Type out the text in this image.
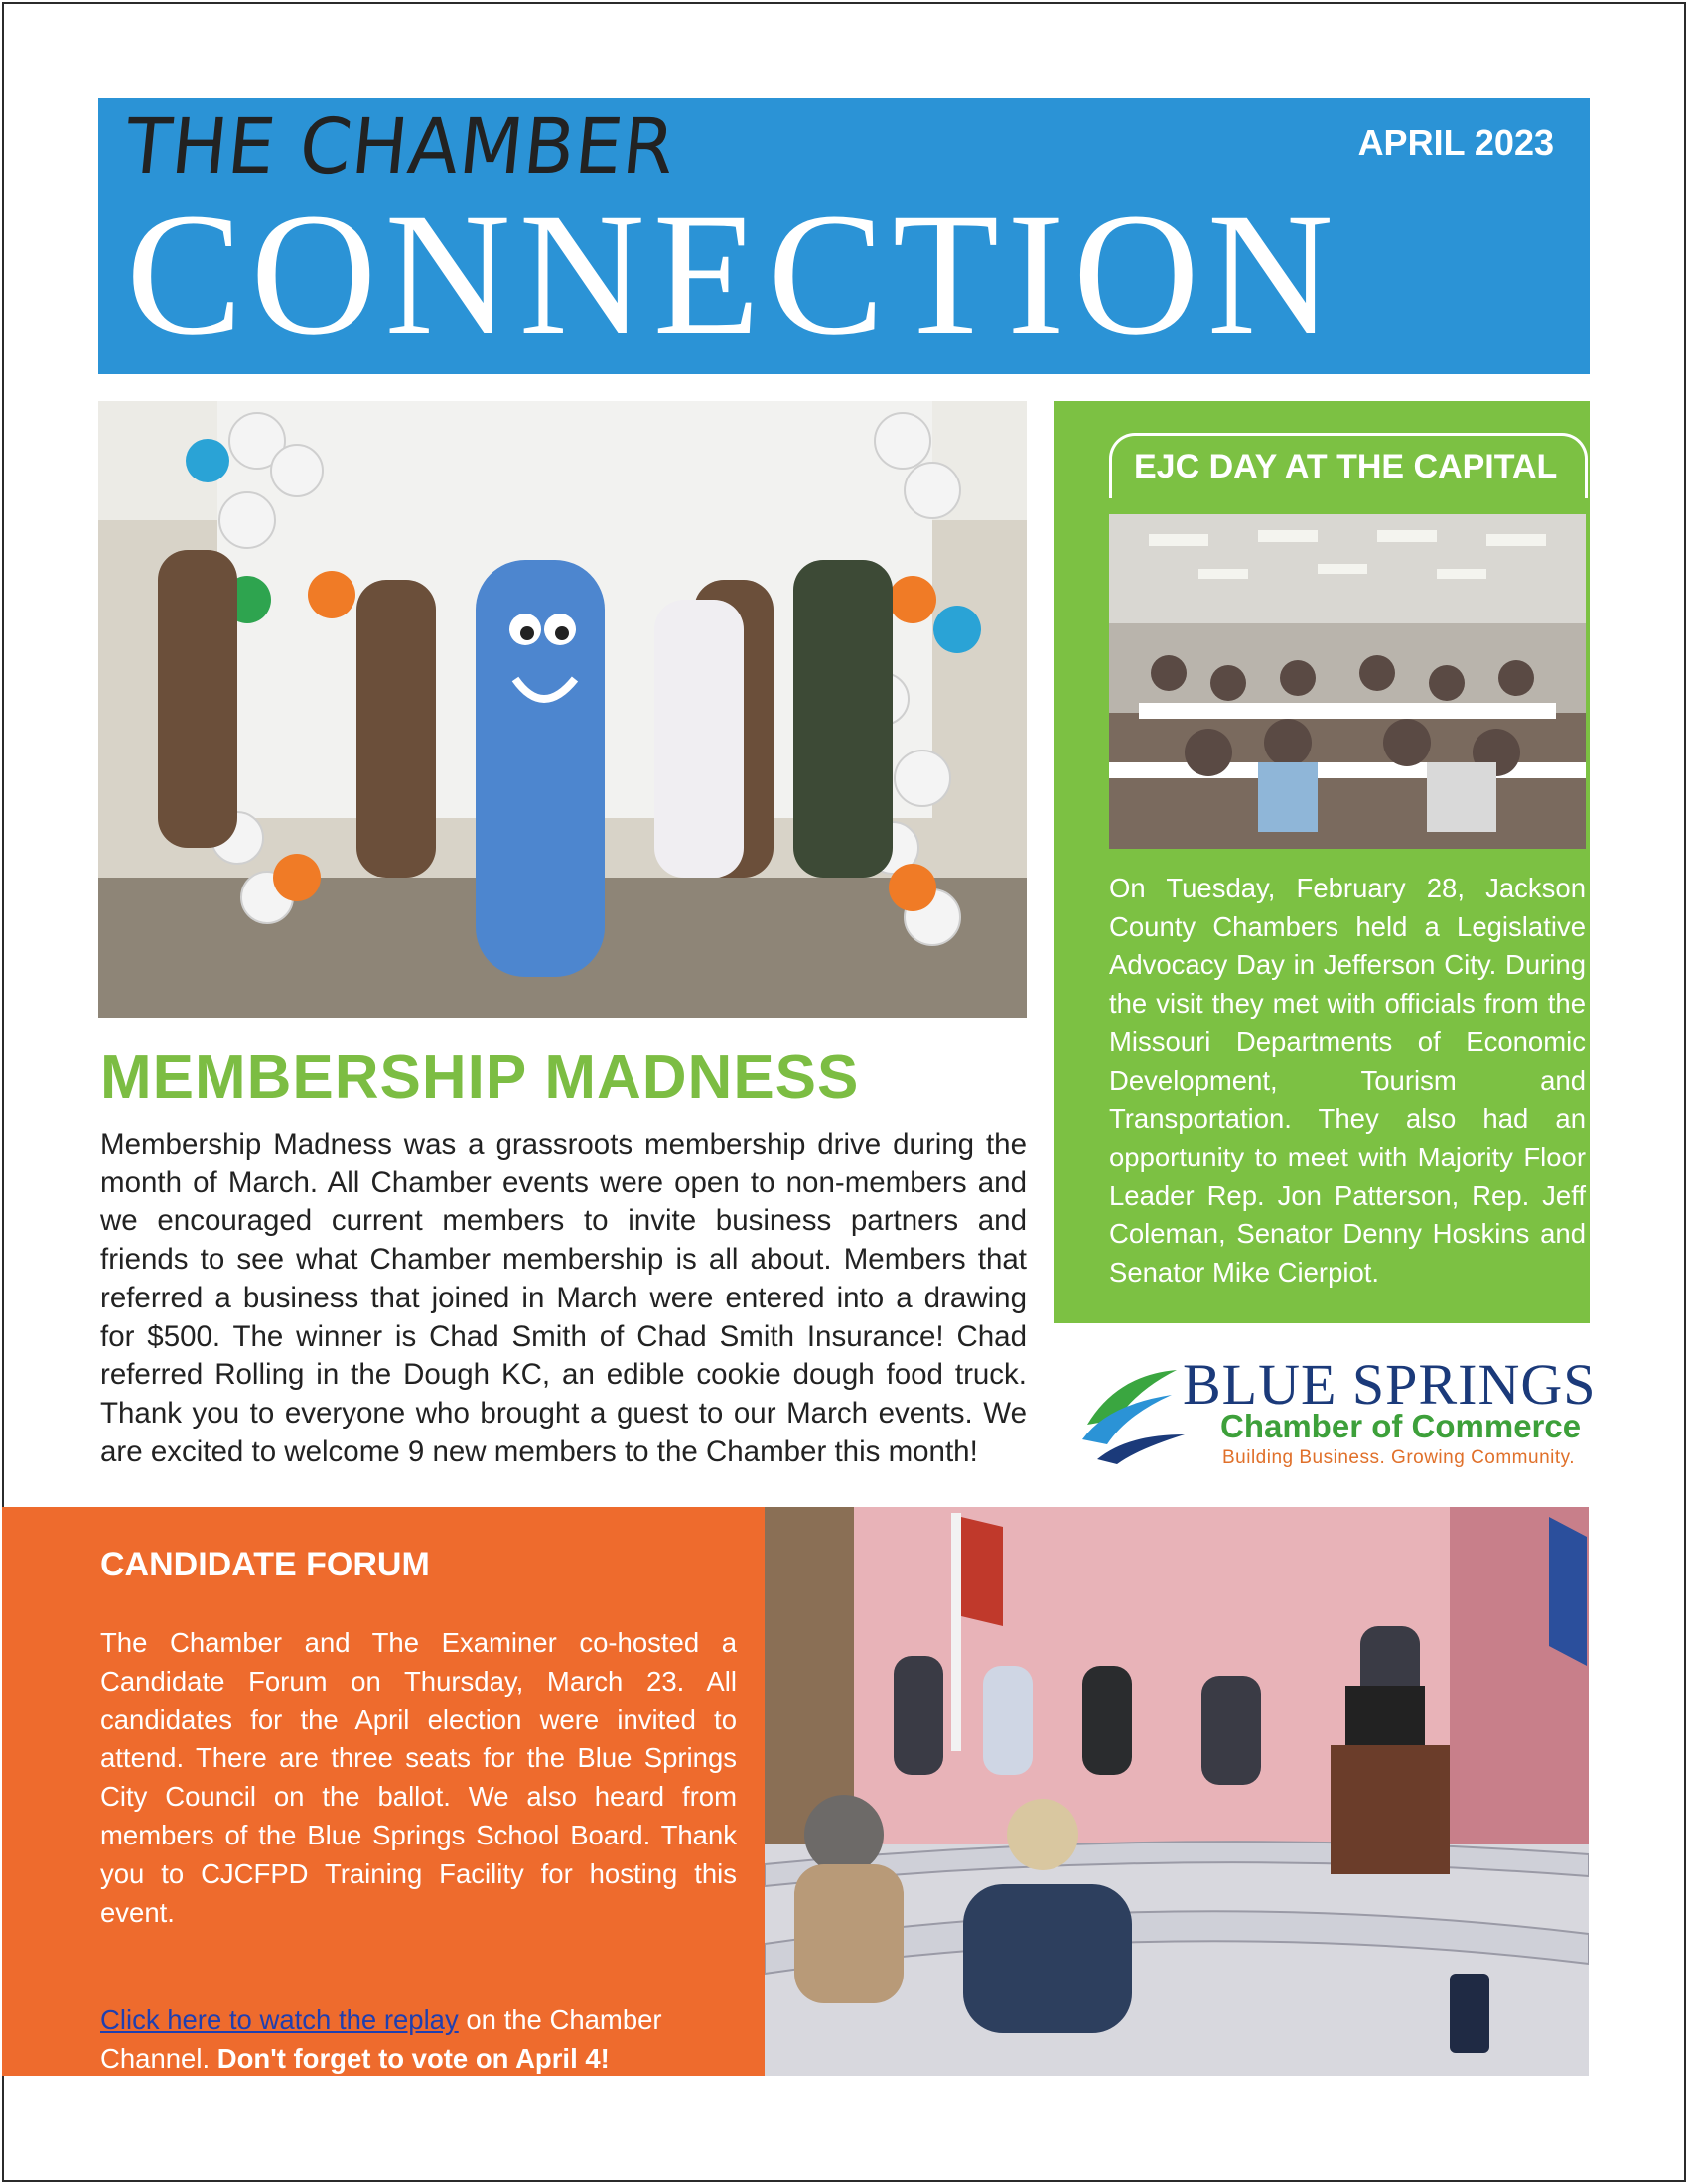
THE CHAMBER	APRIL 2023
CONNECTION
MEMBERSHIP MADNESS
Membership Madness was a grassroots membership drive during the month of March. All Chamber events were open to non-members and we encouraged current members to invite business partners and friends to see what Chamber membership is all about. Members that referred a business that joined in March were entered into a drawing for $500. The winner is Chad Smith of Chad Smith Insurance! Chad referred Rolling in the Dough KC, an edible cookie dough food truck. Thank you to everyone who brought a guest to our March events. We are excited to welcome 9 new members to the Chamber this month!
EJC DAY AT THE CAPITAL
On Tuesday, February 28, Jackson County Chambers held a Legislative Advocacy Day in Jefferson City. During the visit they met with officials from the Missouri Departments of Economic Development, Tourism and Transportation. They also had an opportunity to meet with Majority Floor Leader Rep. Jon Patterson, Rep. Jeff Coleman, Senator Denny Hoskins and Senator Mike Cierpiot.
BLUE SPRINGS
Chamber of Commerce
Building Business. Growing Community.
CANDIDATE FORUM
The Chamber and The Examiner co-hosted a Candidate Forum on Thursday, March 23. All candidates for the April election were invited to attend. There are three seats for the Blue Springs City Council on the ballot. We also heard from members of the Blue Springs School Board. Thank you to CJCFPD Training Facility for hosting this event.
Click here to watch the replay on the Chamber Channel. Don't forget to vote on April 4!
